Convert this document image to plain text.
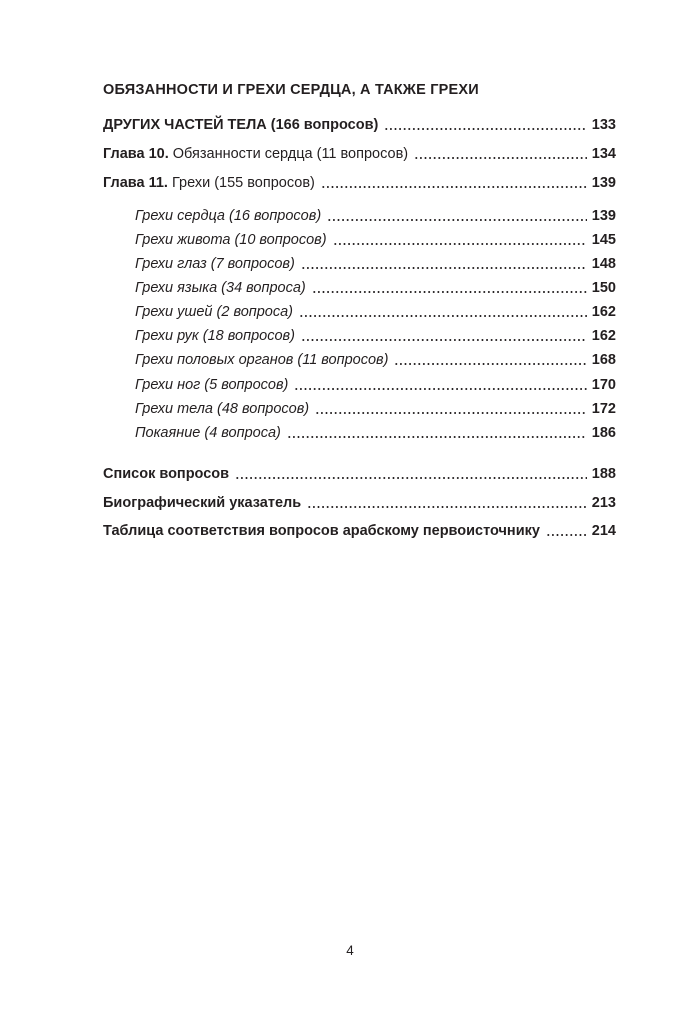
ОБЯЗАННОСТИ И ГРЕХИ СЕРДЦА, А ТАКЖЕ ГРЕХИ
ДРУГИХ ЧАСТЕЙ ТЕЛА (166 вопросов)	133
Глава 10. Обязанности сердца (11 вопросов)	134
Глава 11. Грехи (155 вопросов)	139
Грехи сердца (16 вопросов)	139
Грехи живота (10 вопросов)	145
Грехи глаз (7 вопросов)	148
Грехи языка (34 вопроса)	150
Грехи ушей (2 вопроса)	162
Грехи рук (18 вопросов)	162
Грехи половых органов (11 вопросов)	168
Грехи ног (5 вопросов)	170
Грехи тела (48 вопросов)	172
Покаяние (4 вопроса)	186
Список вопросов	188
Биографический указатель	213
Таблица соответствия вопросов арабскому первоисточнику	214
4
